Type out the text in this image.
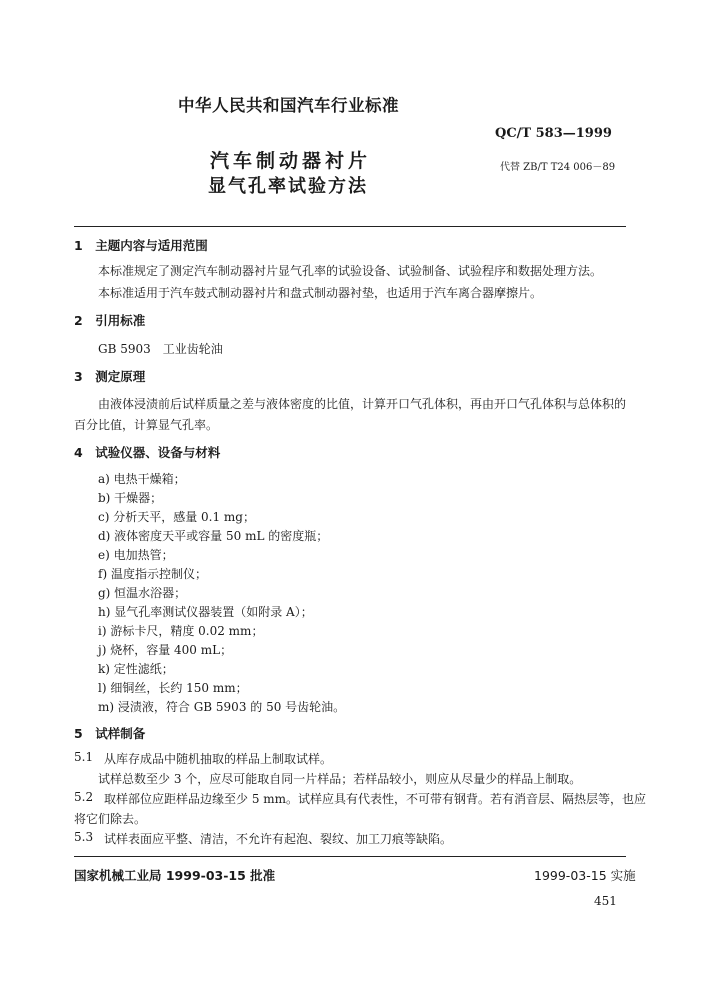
中华人民共和国汽车行业标准
QC/T 583—1999
汽车制动器衬片	代替 ZB/T T24 006－89
显气孔率试验方法
1　主题内容与适用范围
本标准规定了测定汽车制动器衬片显气孔率的试验设备、试验制备、试验程序和数据处理方法。
本标准适用于汽车鼓式制动器衬片和盘式制动器衬垫，也适用于汽车离合器摩擦片。
2　引用标准
GB 5903　工业齿轮油
3　测定原理
由液体浸渍前后试样质量之差与液体密度的比值，计算开口气孔体积，再由开口气孔体积与总体积的
百分比值，计算显气孔率。
4　试验仪器、设备与材料
a) 电热干燥箱；
b) 干燥器；
c) 分析天平，感量 0.1 mg；
d) 液体密度天平或容量 50 mL 的密度瓶；
e) 电加热管；
f) 温度指示控制仪；
g) 恒温水浴器；
h) 显气孔率测试仪器装置（如附录 A）；
i) 游标卡尺，精度 0.02 mm；
j) 烧杯，容量 400 mL；
k) 定性滤纸；
l) 细铜丝，长约 150 mm；
m) 浸渍液，符合 GB 5903 的 50 号齿轮油。
5　试样制备
5.1 从库存成品中随机抽取的样品上制取试样。
试样总数至少 3 个，应尽可能取自同一片样品；若样品较小，则应从尽量少的样品上制取。
5.2 取样部位应距样品边缘至少 5 mm。试样应具有代表性，不可带有钢背。若有消音层、隔热层等，也应
将它们除去。
5.3 试样表面应平整、清洁，不允许有起泡、裂纹、加工刀痕等缺陷。
国家机械工业局 1999-03-15 批准	1999-03-15 实施
451
